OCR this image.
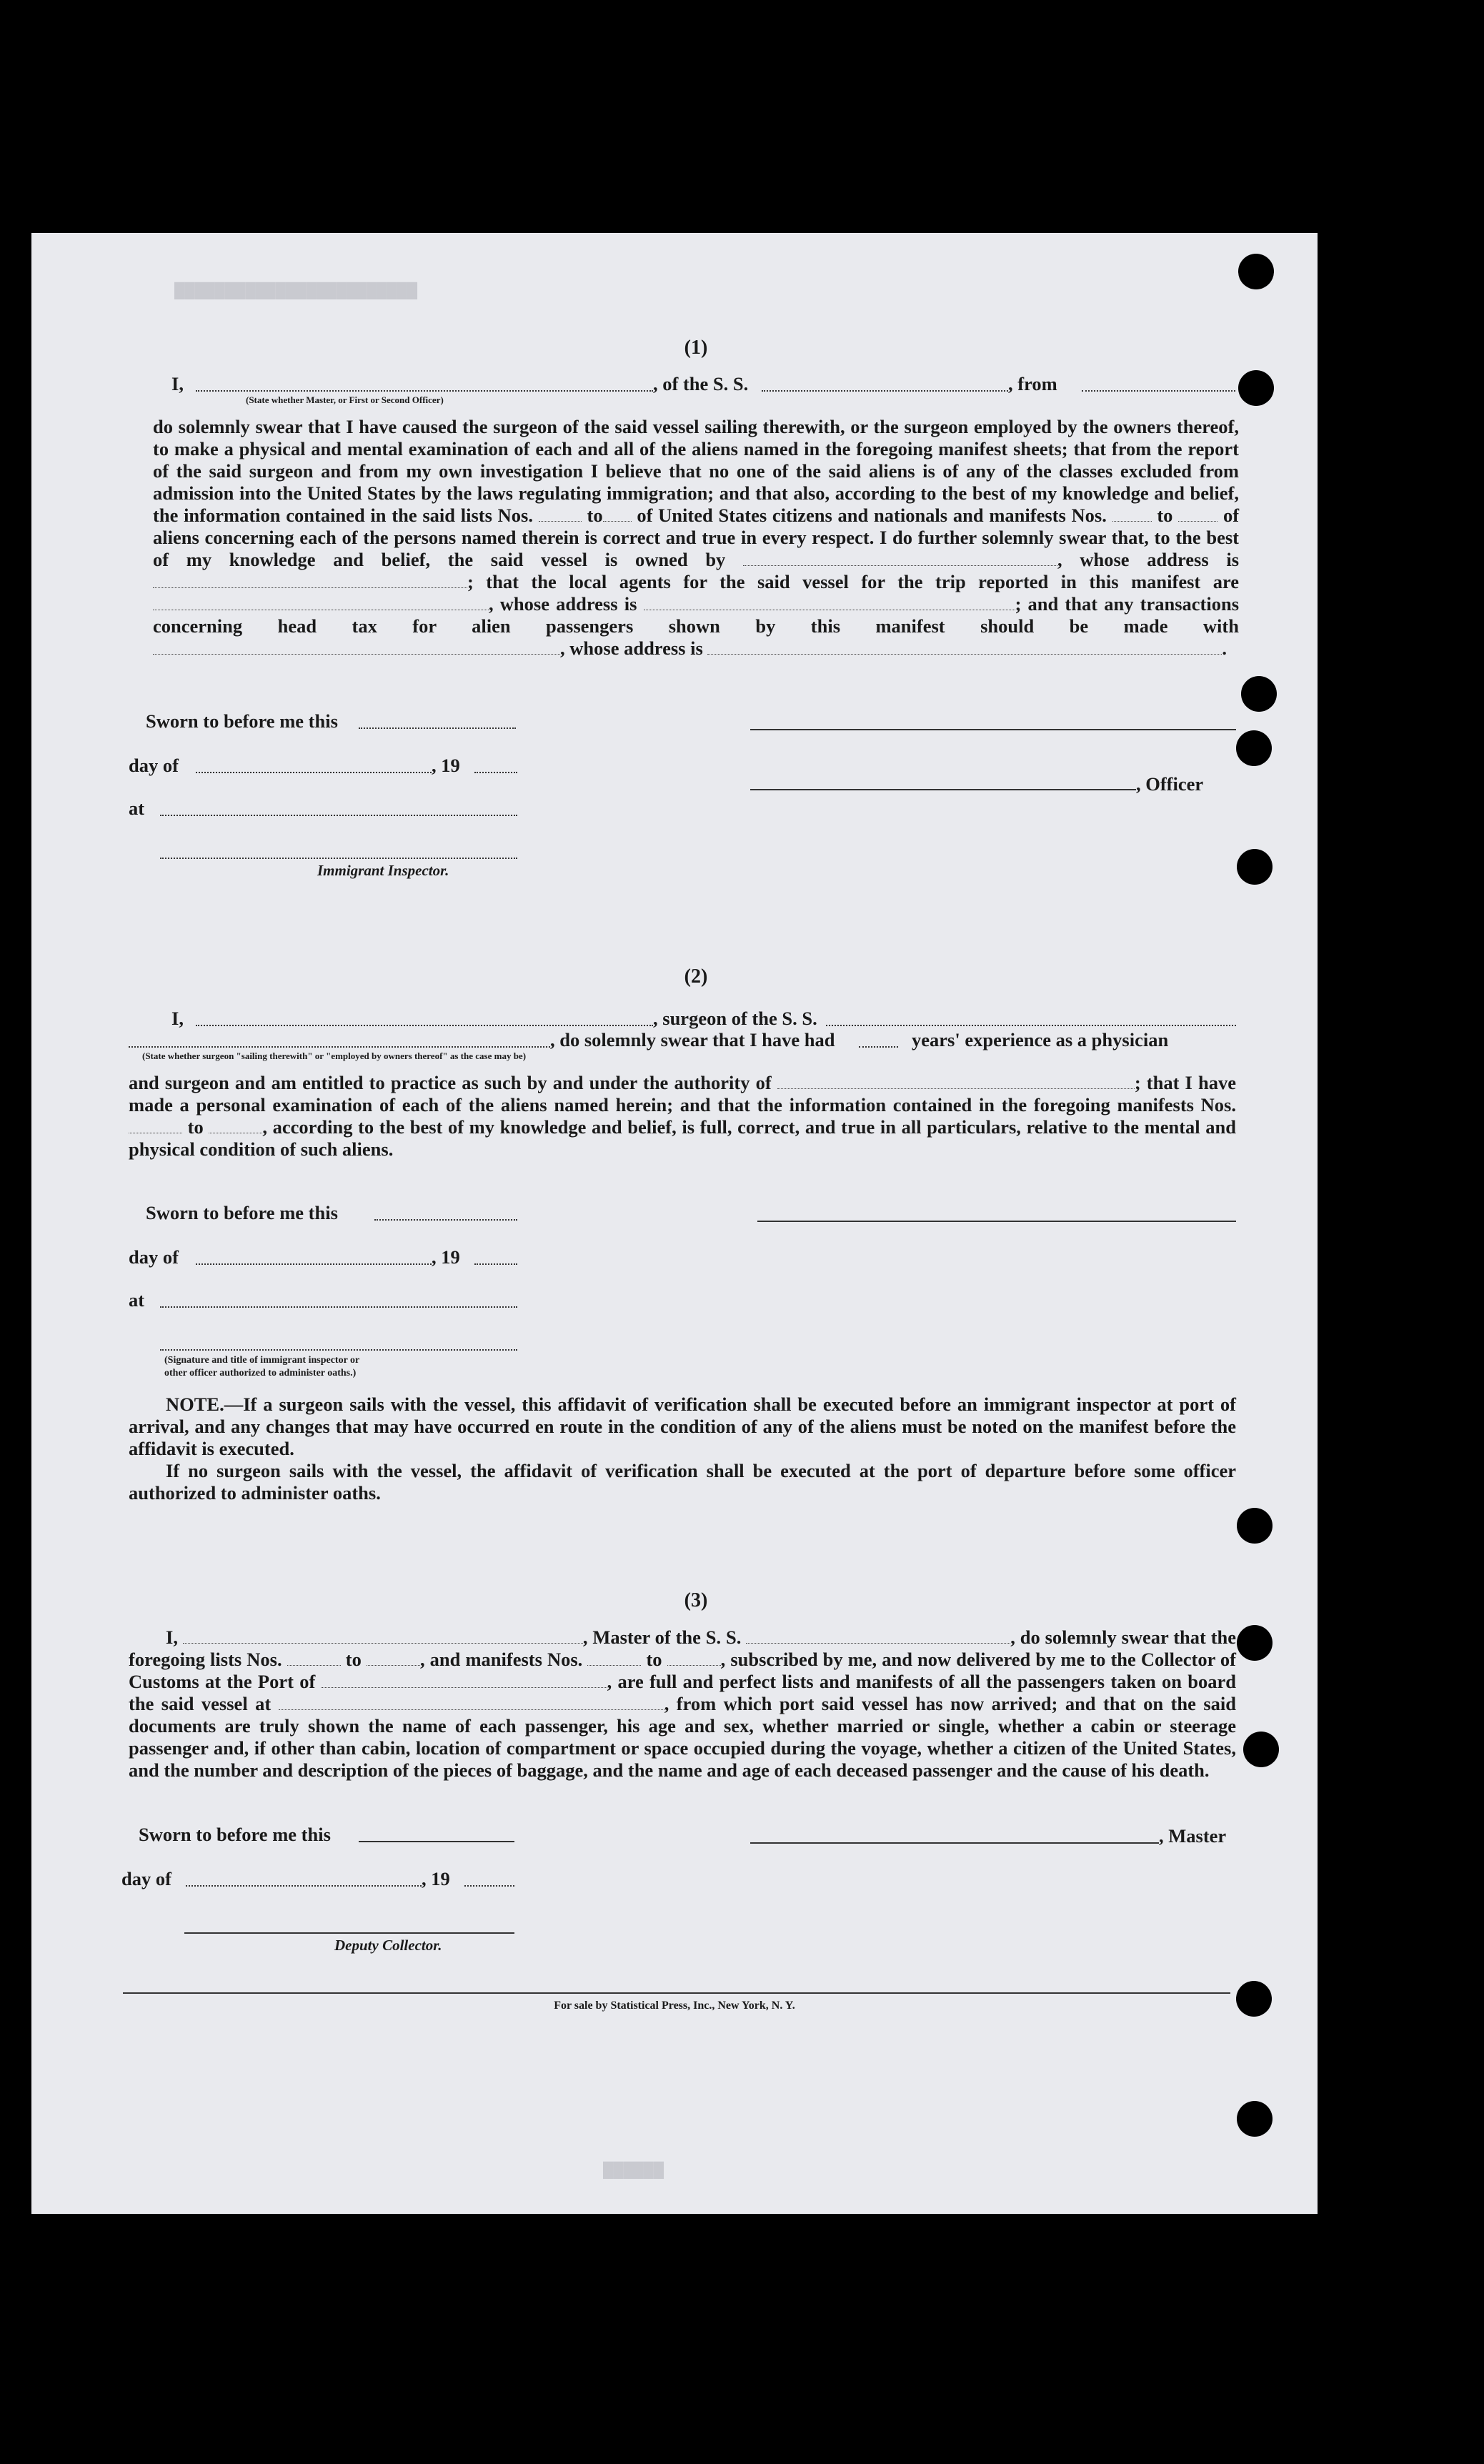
████████████████████████
(1)
I,	, of the S. S.	, from
(State whether Master, or First or Second Officer)
do solemnly swear that I have caused the surgeon of the said vessel sailing therewith, or the surgeon employed by the owners thereof, to make a physical and mental examination of each and all of the aliens named in the foregoing manifest sheets; that from the report of the said surgeon and from my own investigation I believe that no one of the said aliens is of any of the classes excluded from admission into the United States by the laws regulating immigration; and that also, according to the best of my knowledge and belief, the information contained in the said lists Nos.	to of United States citizens and nationals and manifests Nos.	to	of aliens concerning each of the persons named therein is correct and true in every respect. I do further solemnly swear that, to the best of my knowledge and belief, the said vessel is owned by	, whose address is ; that the local agents for the said vessel for the trip reported in this manifest are , whose address is	; and that any transactions concerning head tax for alien passengers shown by this manifest should be made with , whose address is	.
Sworn to before me this
day of	, 19
, Officer
at
Immigrant Inspector.
(2)
I,	, surgeon of the S. S.
, do solemnly swear that I have had	years' experience as a physician
(State whether surgeon "sailing therewith" or "employed by owners thereof" as the case may be)
and surgeon and am entitled to practice as such by and under the authority of	; that I have made a personal examination of each of the aliens named herein; and that the information contained in the foregoing manifests Nos.  to	, according to the best of my knowledge and belief, is full, correct, and true in all particulars, relative to the mental and physical condition of such aliens.
Sworn to before me this
day of	, 19
at
(Signature and title of immigrant inspector or
other officer authorized to administer oaths.)
NOTE.—If a surgeon sails with the vessel, this affidavit of verification shall be executed before an immigrant inspector at port of arrival, and any changes that may have occurred en route in the condition of any of the aliens must be noted on the manifest before the affidavit is executed.
If no surgeon sails with the vessel, the affidavit of verification shall be executed at the port of departure before some officer authorized to administer oaths.
(3)
I,	, Master of the S. S.	, do solemnly swear that the foregoing lists Nos.	to	, and manifests Nos.	to	, subscribed by me, and now delivered by me to the Collector of Customs at the Port of	, are full and perfect lists and manifests of all the passengers taken on board the said vessel at	, from which port said vessel has now arrived; and that on the said documents are truly shown the name of each passenger, his age and sex, whether married or single, whether a cabin or steerage passenger and, if other than cabin, location of compartment or space occupied during the voyage, whether a citizen of the United States, and the number and description of the pieces of baggage, and the name and age of each deceased passenger and the cause of his death.
Sworn to before me this	, Master
day of	, 19
Deputy Collector.
For sale by Statistical Press, Inc., New York, N. Y.
██████
